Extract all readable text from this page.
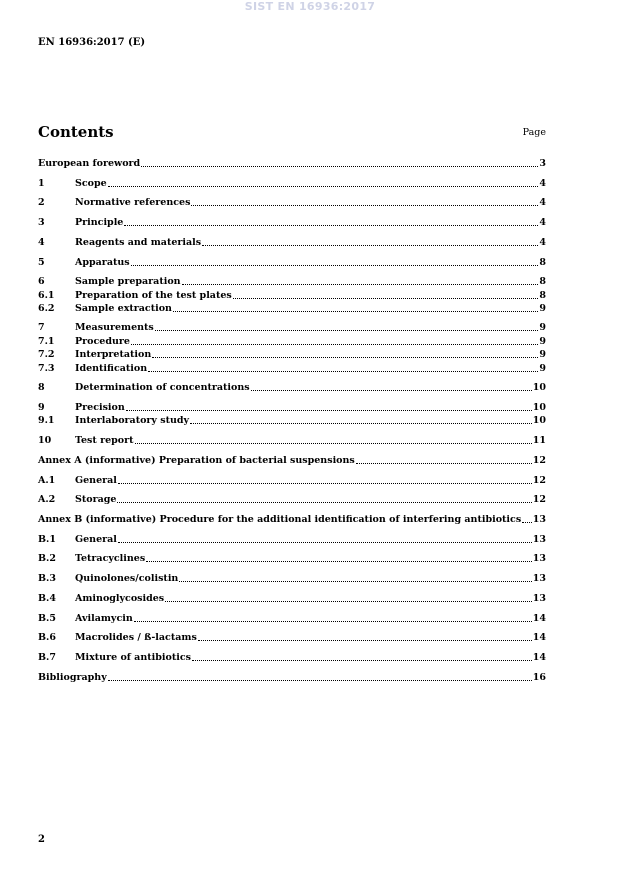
SIST EN 16936:2017
EN 16936:2017 (E)
Contents	Page
European foreword	3
1	Scope	4
2	Normative references	4
3	Principle	4
4	Reagents and materials	4
5	Apparatus	8
6	Sample preparation	8
6.1	Preparation of the test plates	8
6.2	Sample extraction	9
7	Measurements	9
7.1	Procedure	9
7.2	Interpretation	9
7.3	Identification	9
8	Determination of concentrations	10
9	Precision	10
9.1	Interlaboratory study	10
10	Test report	11
Annex A (informative) Preparation of bacterial suspensions	12
A.1	General	12
A.2	Storage	12
Annex B (informative) Procedure for the additional identification of interfering antibiotics 13
B.1	General	13
B.2	Tetracyclines	13
B.3	Quinolones/colistin	13
B.4	Aminoglycosides	13
B.5	Avilamycin	14
B.6	Macrolides / ß-lactams	14
B.7	Mixture of antibiotics	14
Bibliography	16
2
